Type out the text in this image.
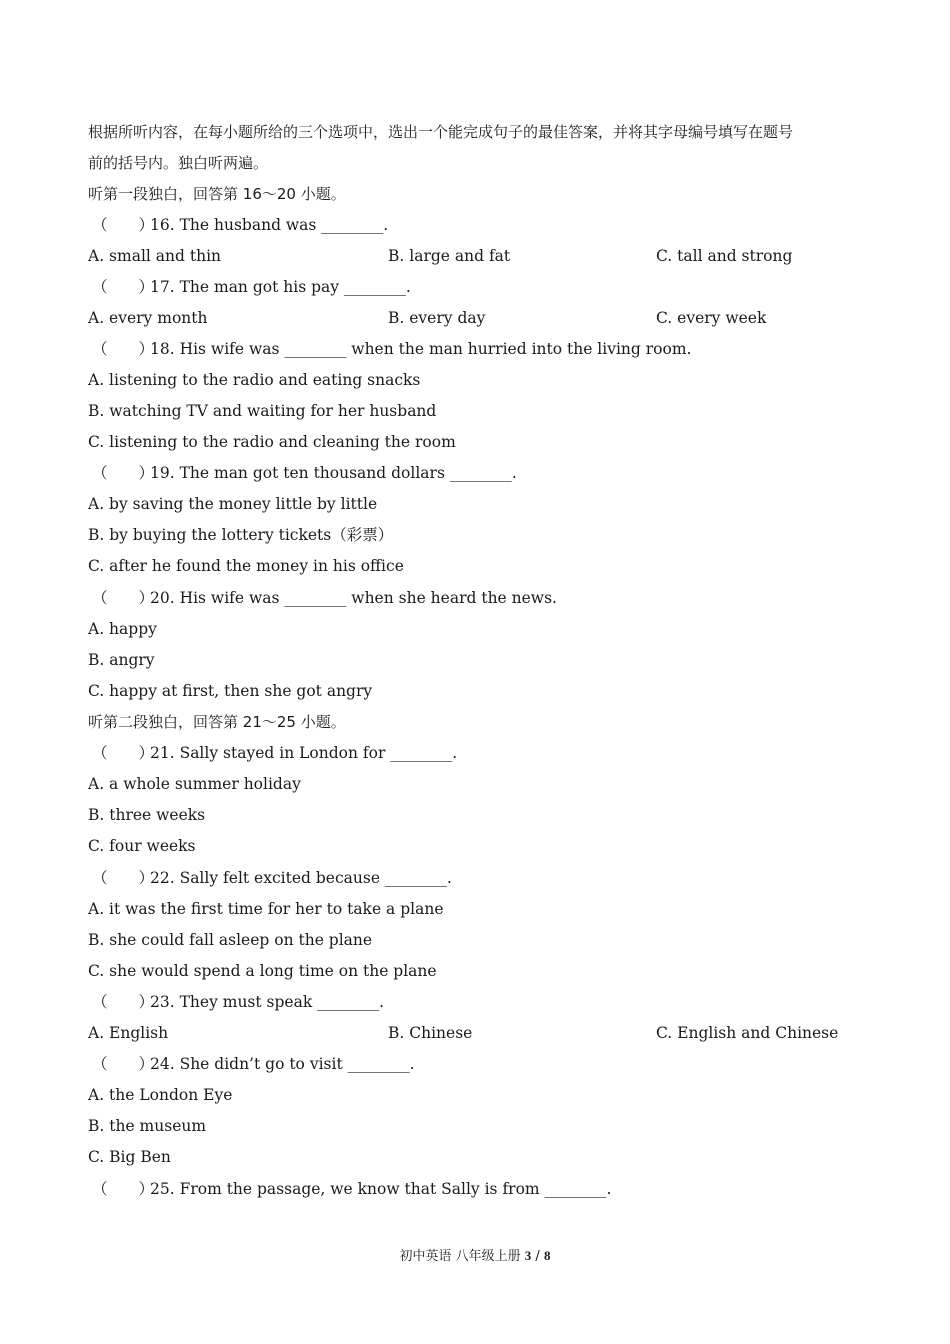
根据所听内容，在每小题所给的三个选项中，选出一个能完成句子的最佳答案，并将其字母编号填写在题号
前的括号内。独白听两遍。
听第一段独白，回答第 16～20 小题。
（　　）16. The husband was ________.
A. small and thin	B. large and fat	C. tall and strong
（　　）17. The man got his pay ________.
A. every month	B. every day	C. every week
（　　）18. His wife was ________ when the man hurried into the living room.
A. listening to the radio and eating snacks
B. watching TV and waiting for her husband
C. listening to the radio and cleaning the room
（　　）19. The man got ten thousand dollars ________.
A. by saving the money little by little
B. by buying the lottery tickets（彩票）
C. after he found the money in his office
（　　）20. His wife was ________ when she heard the news.
A. happy
B. angry
C. happy at first, then she got angry
听第二段独白，回答第 21～25 小题。
（　　）21. Sally stayed in London for ________.
A. a whole summer holiday
B. three weeks
C. four weeks
（　　）22. Sally felt excited because ________.
A. it was the first time for her to take a plane
B. she could fall asleep on the plane
C. she would spend a long time on the plane
（　　）23. They must speak ________.
A. English	B. Chinese	C. English and Chinese
（　　）24. She didn’t go to visit ________.
A. the London Eye
B. the museum
C. Big Ben
（　　）25. From the passage, we know that Sally is from ________.
初中英语 八年级上册 3 / 8
